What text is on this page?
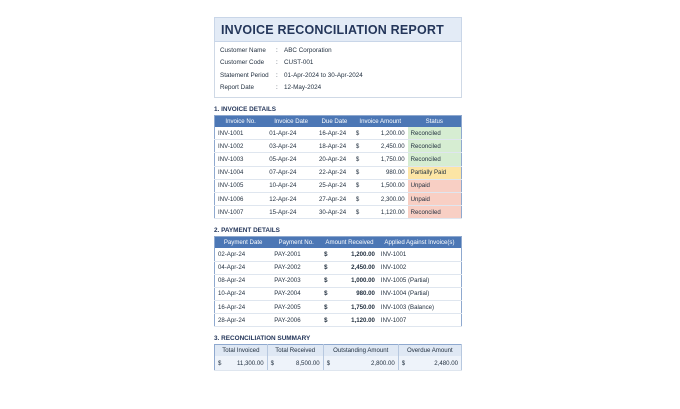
INVOICE RECONCILIATION REPORT
Customer Name	: ABC Corporation
Customer Code	: CUST-001
Statement Period	: 01-Apr-2024 to 30-Apr-2024
Report Date	: 12-May-2024
1. INVOICE DETAILS
Invoice No.	Invoice Date	Due Date	Invoice Amount	Status
INV-1001	01-Apr-24	16-Apr-24	$ 1,200.00	Reconciled
INV-1002	03-Apr-24	18-Apr-24	$ 2,450.00	Reconciled
INV-1003	05-Apr-24	20-Apr-24	$ 1,750.00	Reconciled
INV-1004	07-Apr-24	22-Apr-24	$ 980.00	Partially Paid
INV-1005	10-Apr-24	25-Apr-24	$ 1,500.00	Unpaid
INV-1006	12-Apr-24	27-Apr-24	$ 2,300.00	Unpaid
INV-1007	15-Apr-24	30-Apr-24	$ 1,120.00	Reconciled
2. PAYMENT DETAILS
Payment Date	Payment No.	Amount Received	Applied Against Invoice(s)
02-Apr-24	PAY-2001	$ 1,200.00	INV-1001
04-Apr-24	PAY-2002	$ 2,450.00	INV-1002
08-Apr-24	PAY-2003	$ 1,000.00	INV-1005 (Partial)
10-Apr-24	PAY-2004	$ 980.00	INV-1004 (Partial)
16-Apr-24	PAY-2005	$ 1,750.00	INV-1003 (Balance)
28-Apr-24	PAY-2006	$ 1,120.00	INV-1007
3. RECONCILIATION SUMMARY
Total Invoiced	Total Received	Outstanding Amount	Overdue Amount

$ 11,300.00	$ 8,500.00	$ 2,800.00	$ 2,480.00
